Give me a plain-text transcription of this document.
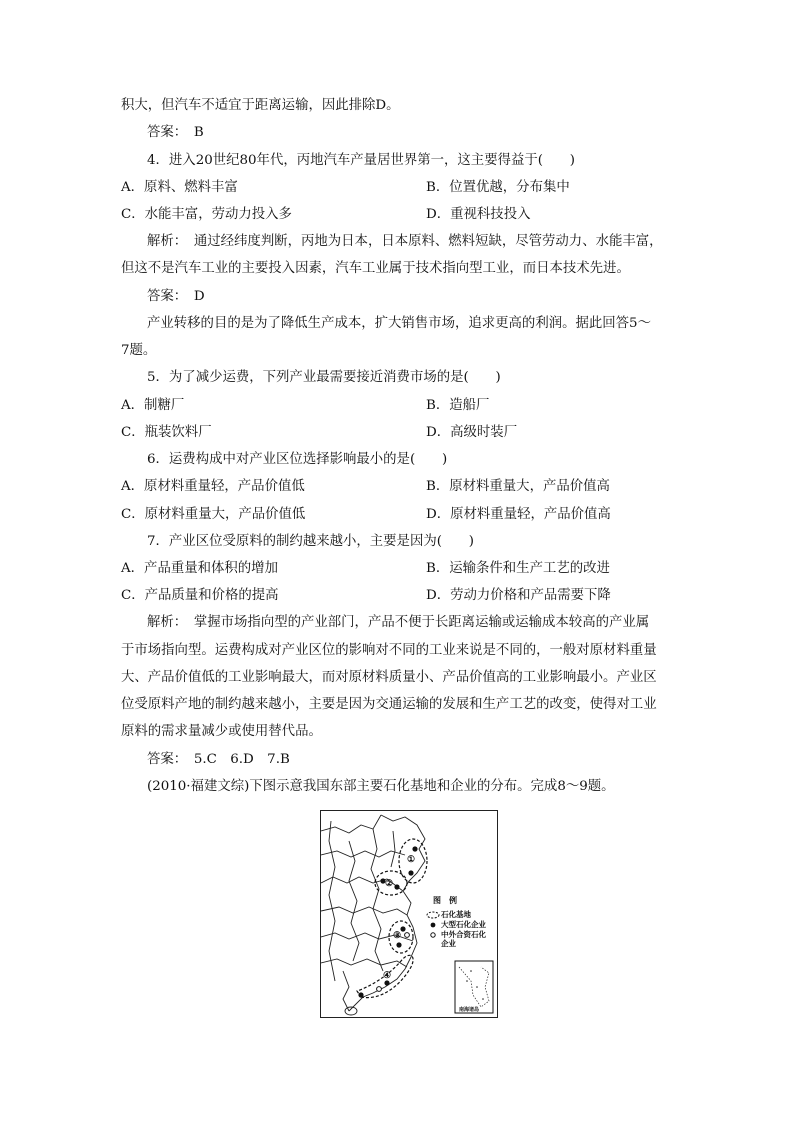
积大，但汽车不适宜于距离运输，因此排除D。
答案：　B
4．进入20世纪80年代，丙地汽车产量居世界第一，这主要得益于(　　)
A．原料、燃料丰富	B．位置优越，分布集中
C．水能丰富，劳动力投入多	D．重视科技投入
解析：　通过经纬度判断，丙地为日本，日本原料、燃料短缺，尽管劳动力、水能丰富，
但这不是汽车工业的主要投入因素，汽车工业属于技术指向型工业，而日本技术先进。
答案：　D
产业转移的目的是为了降低生产成本，扩大销售市场，追求更高的利润。据此回答5～
7题。
5．为了减少运费，下列产业最需要接近消费市场的是(　　)
A．制糖厂	B．造船厂
C．瓶装饮料厂	D．高级时装厂
6．运费构成中对产业区位选择影响最小的是(　　)
A．原材料重量轻，产品价值低	B．原材料重量大，产品价值高
C．原材料重量大，产品价值低	D．原材料重量轻，产品价值高
7．产业区位受原料的制约越来越小，主要是因为(　　)
A．产品重量和体积的增加	B．运输条件和生产工艺的改进
C．产品质量和价格的提高	D．劳动力价格和产品需要下降
解析：　掌握市场指向型的产业部门，产品不便于长距离运输或运输成本较高的产业属
于市场指向型。运费构成对产业区位的影响对不同的工业来说是不同的，一般对原材料重量
大、产品价值低的工业影响最大，而对原材料质量小、产品价值高的工业影响最小。产业区
位受原料产地的制约越来越小，主要是因为交通运输的发展和生产工艺的改变，使得对工业
原料的需求量减少或使用替代品。
答案：　5.C　6.D　7.B
(2010·福建文综)下图示意我国东部主要石化基地和企业的分布。完成8～9题。
①
②
③
④
图　例
石化基地
大型石化企业
中外合资石化
企业
南海诸岛
